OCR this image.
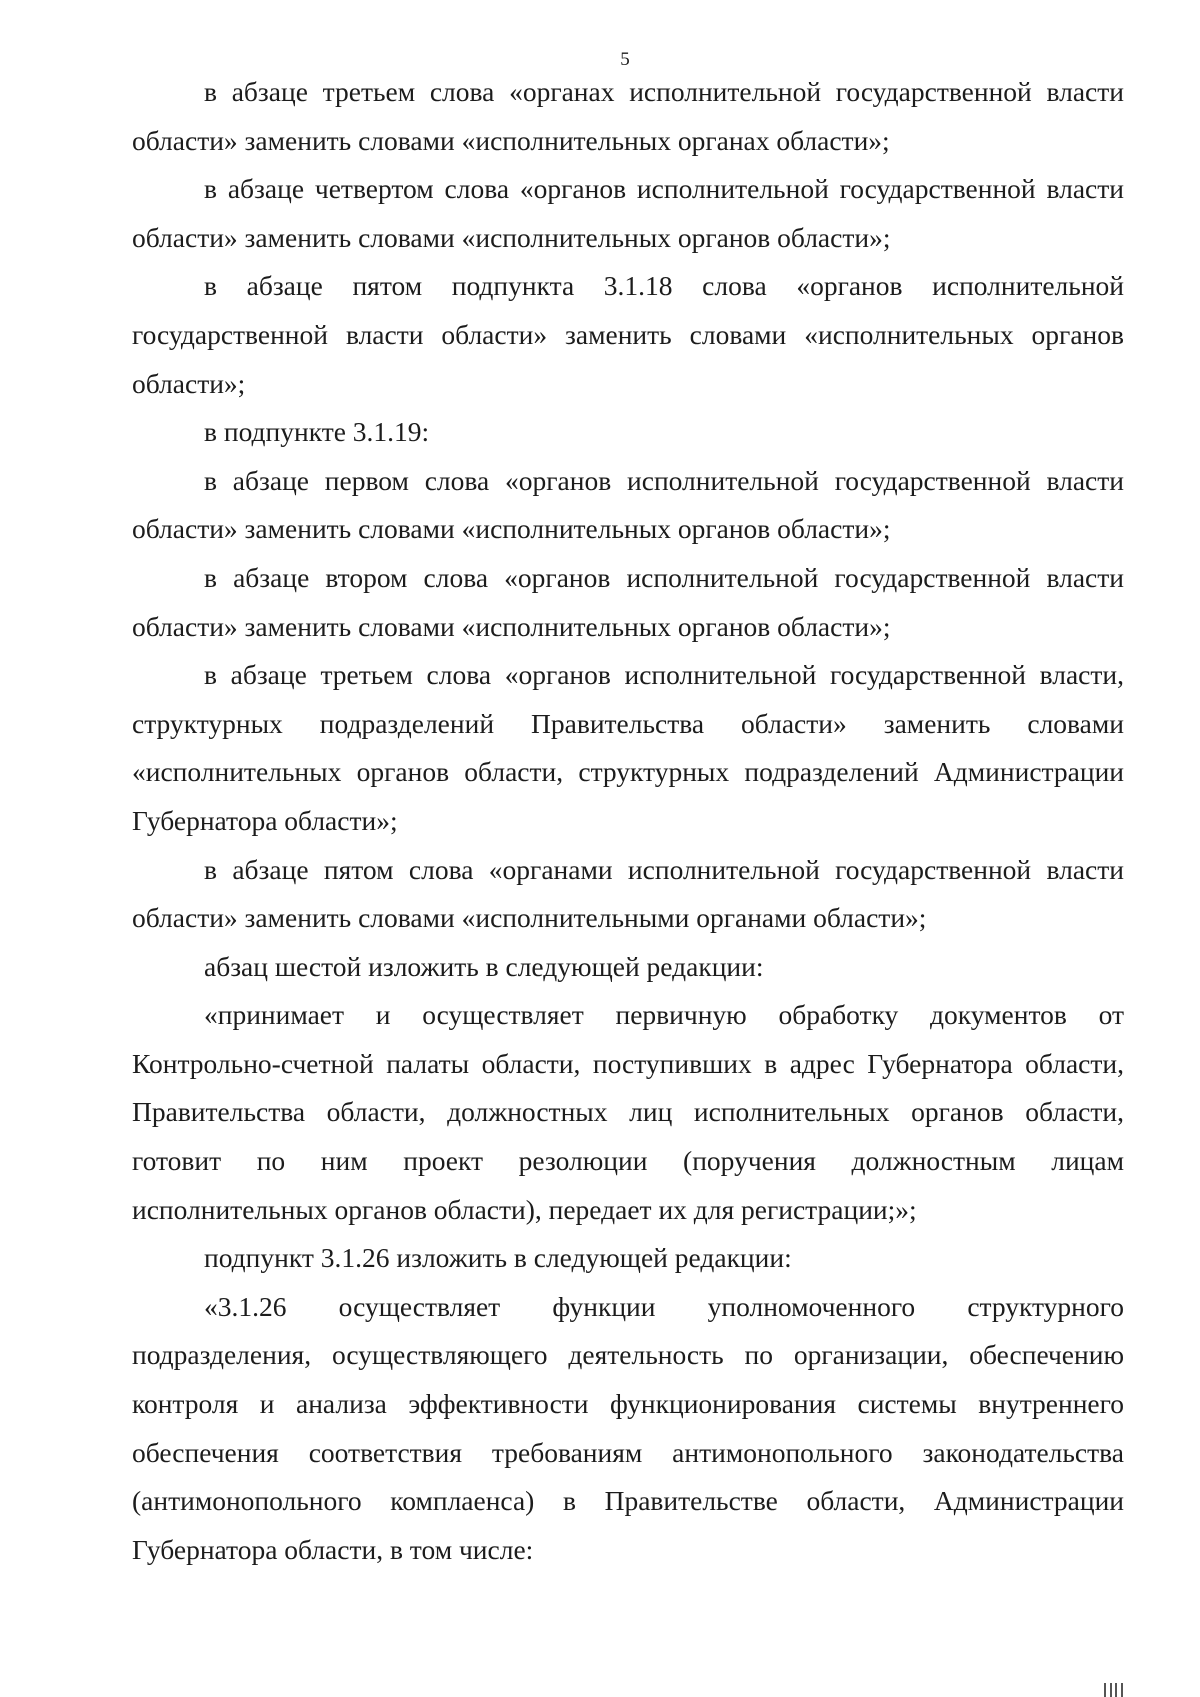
5

в абзаце третьем слова «органах исполнительной государственной власти области» заменить словами «исполнительных органах области»;

в абзаце четвертом слова «органов исполнительной государственной власти области» заменить словами «исполнительных органов области»;

в абзаце пятом подпункта 3.1.18 слова «органов исполнительной государственной власти области» заменить словами «исполнительных органов области»;

в подпункте 3.1.19:

в абзаце первом слова «органов исполнительной государственной власти области» заменить словами «исполнительных органов области»;

в абзаце втором слова «органов исполнительной государственной власти области» заменить словами «исполнительных органов области»;

в абзаце третьем слова «органов исполнительной государственной власти, структурных подразделений Правительства области» заменить словами «исполнительных органов области, структурных подразделений Администрации Губернатора области»;

в абзаце пятом слова «органами исполнительной государственной власти области» заменить словами «исполнительными органами области»;

абзац шестой изложить в следующей редакции:

«принимает и осуществляет первичную обработку документов от Контрольно-счетной палаты области, поступивших в адрес Губернатора области, Правительства области, должностных лиц исполнительных органов области, готовит по ним проект резолюции (поручения должностным лицам исполнительных органов области), передает их для регистрации;»;

подпункт 3.1.26 изложить в следующей редакции:

«3.1.26 осуществляет функции уполномоченного структурного подразделения, осуществляющего деятельность по организации, обеспечению контроля и анализа эффективности функционирования системы внутреннего обеспечения соответствия требованиям антимонопольного законодательства (антимонопольного комплаенса) в Правительстве области, Администрации Губернатора области, в том числе:
